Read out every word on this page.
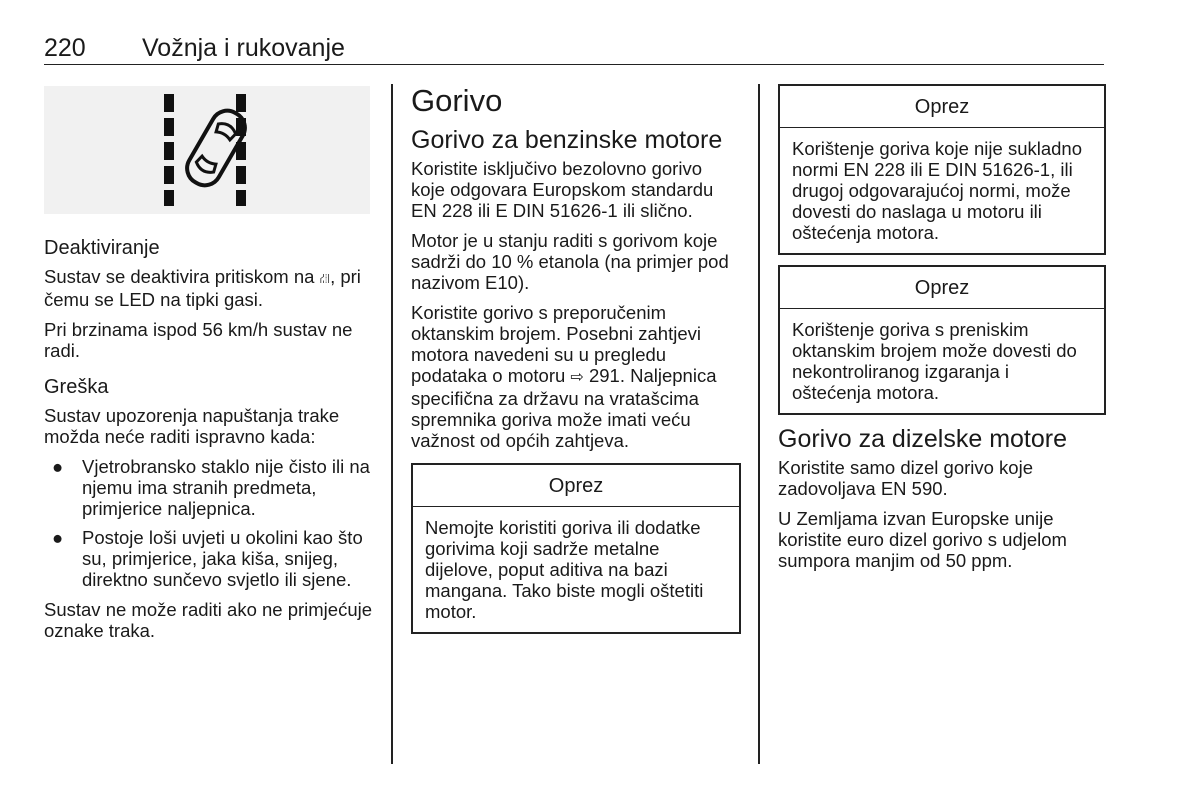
220 Vožnja i rukovanje
Deaktiviranje

Sustav se deaktivira pritiskom na ⛜, pri čemu se LED na tipki gasi.

Pri brzinama ispod 56 km/h sustav ne radi.

Greška

Sustav upozorenja napuštanja trake možda neće raditi ispravno kada:

● Vjetrobransko staklo nije čisto ili na njemu ima stranih predmeta, primjerice naljepnica.
● Postoje loši uvjeti u okolini kao što su, primjerice, jaka kiša, snijeg, direktno sunčevo svjetlo ili sjene.

Sustav ne može raditi ako ne primjećuje oznake traka.

Gorivo
Gorivo za benzinske motore

Koristite isključivo bezolovno gorivo koje odgovara Europskom standardu EN 228 ili E DIN 51626-1 ili slično.

Motor je u stanju raditi s gorivom koje sadrži do 10 % etanola (na primjer pod nazivom E10).

Koristite gorivo s preporučenim oktanskim brojem. Posebni zahtjevi motora navedeni su u pregledu podataka o motoru ⇨ 291. Naljepnica specifična za državu na vratašcima spremnika goriva može imati veću važnost od općih zahtjeva.

Oprez
Nemojte koristiti goriva ili dodatke gorivima koji sadrže metalne dijelove, poput aditiva na bazi mangana. Tako biste mogli oštetiti motor.
Oprez
Korištenje goriva koje nije sukladno normi EN 228 ili E DIN 51626-1, ili drugoj odgovarajućoj normi, može dovesti do naslaga u motoru ili oštećenja motora.
Oprez
Korištenje goriva s preniskim oktanskim brojem može dovesti do nekontroliranog izgaranja i oštećenja motora.
Gorivo za dizelske motore

Koristite samo dizel gorivo koje zadovoljava EN 590.

U Zemljama izvan Europske unije koristite euro dizel gorivo s udjelom sumpora manjim od 50 ppm.
